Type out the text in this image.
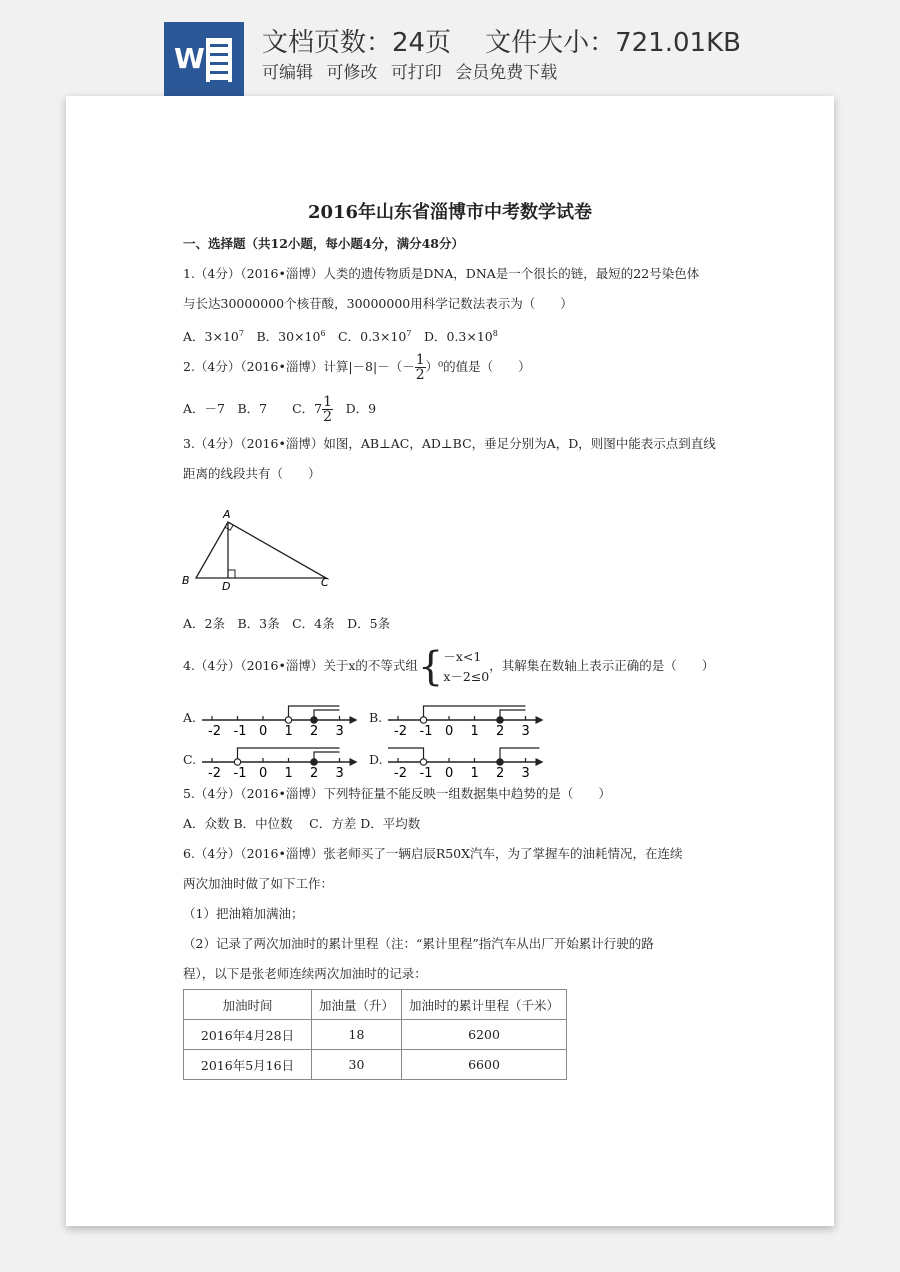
W 文档页数：24页 文件大小：721.01KB
可编辑 可修改 可打印 会员免费下载
2016年山东省淄博市中考数学试卷
一、选择题（共12小题，每小题4分，满分48分）
1.（4分）（2016•淄博）人类的遗传物质是DNA，DNA是一个很长的链，最短的22号染色体
与长达30000000个核苷酸，30000000用科学记数法表示为（　　）
A．$3\times 10^7$　B．$30\times 10^6$　C．$0.3\times 10^7$　D．$0.3\times 10^8$
2.（4分）（2016•淄博）计算$|-8|-(- \frac{1}{2} )^0$的值是（　　）
A．－7　B．7　　C．$7 \frac{1}{2}$ 　D．9
3.（4分）（2016•淄博）如图，AB⊥AC，AD⊥BC，垂足分别为A，D，则图中能表示点到直线
距离的线段共有（　　）
A
B	D	C
A．2条　B．3条　C．4条　D．5条
4.（4分）（2016•淄博）关于x的不等式组{－x<1
x－2≤0，其解集在数轴上表示正确的是（　　）
A.	B.
C.	D.
-2 -1 0 1 2 3	-2 -1 0 1 2 3
-2 -1 0 1 2 3	-2 -1 0 1 2 3
5.（4分）（2016•淄博）下列特征量不能反映一组数据集中趋势的是（　　）
A．众数 B．中位数　 C．方差 D．平均数
6.（4分）（2016•淄博）张老师买了一辆启辰R50X汽车，为了掌握车的油耗情况，在连续
两次加油时做了如下工作：
（1）把油箱加满油；
（2）记录了两次加油时的累计里程（注：“累计里程”指汽车从出厂开始累计行驶的路
程），以下是张老师连续两次加油时的记录：
加油时间	加油量（升）	加油时的累计里程（千米）
2016年4月28日	18	6200
2016年5月16日	30	6600
